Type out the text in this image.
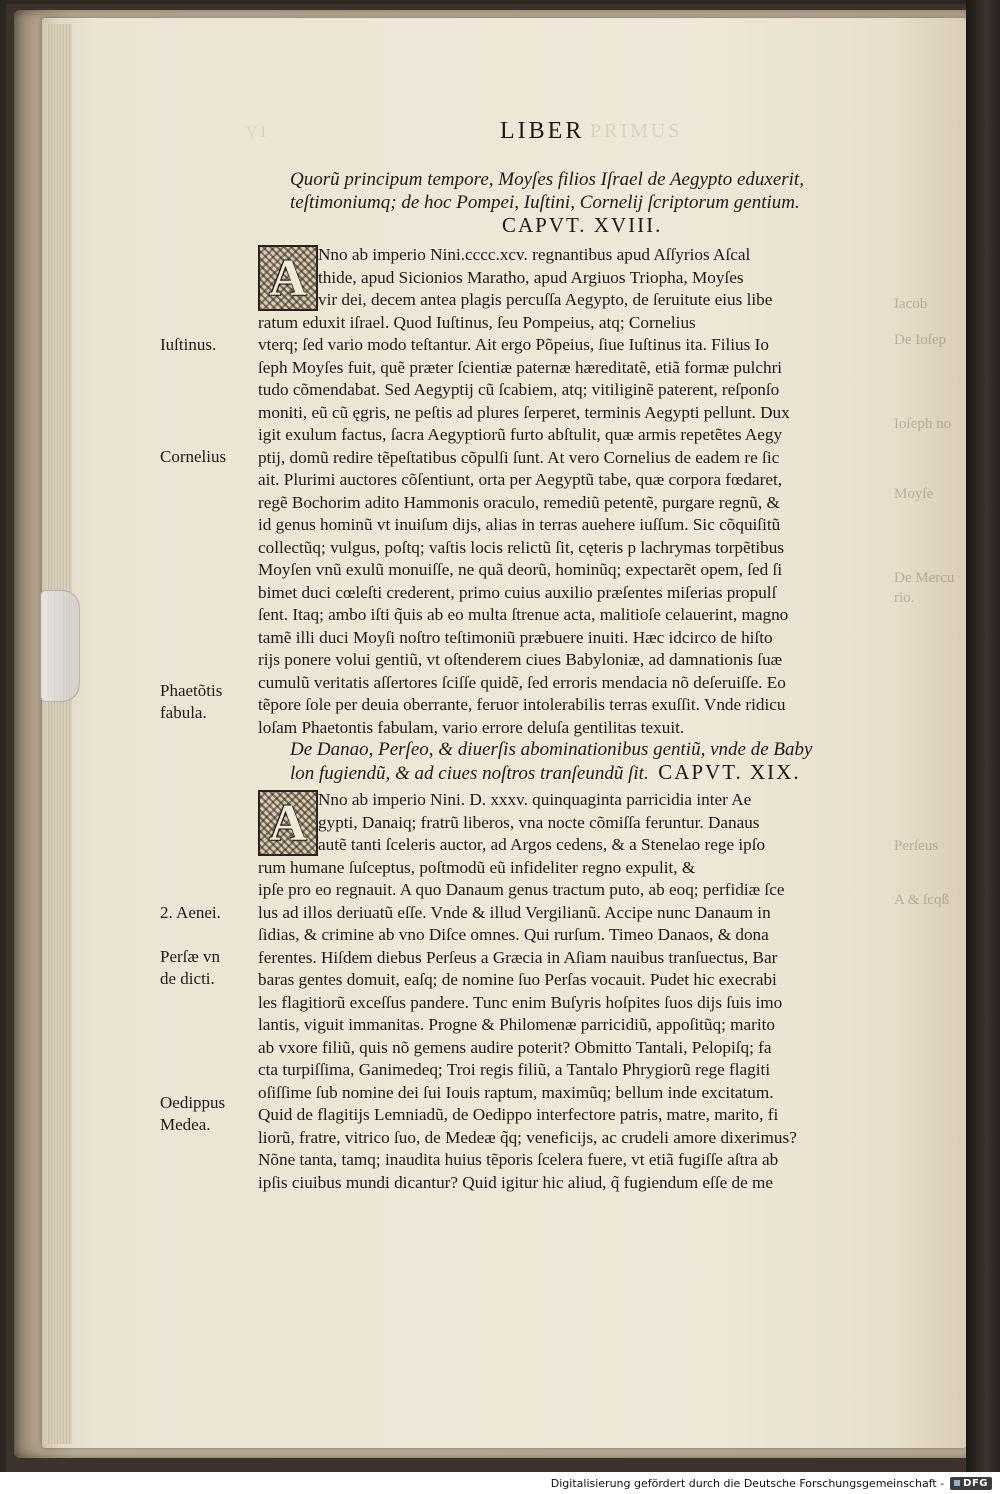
PRIMUS
VI
Iacob
De Ioſep
Ioſeph no
Moyſe
De Mercu
rio.
Perſeus
A & ſcqß
LIBER

Quorũ principum tempore, Moyſes filios Iſrael de Aegypto eduxerit,

teſtimoniumq; de hoc Pompei, Iuſtini, Cornelij ſcriptorum gentium.

CAPVT. XVIII.

A Nno ab imperio Nini.cccc.xcv. regnantibus apud Aſſyrios Aſcal
thide, apud Sicionios Maratho, apud Argiuos Triopha, Moyſes
vir dei, decem antea plagis percuſſa Aegypto, de ſeruitute eius libe
ratum eduxit iſrael. Quod Iuſtinus, ſeu Pompeius, atq; Cornelius
vterq; ſed vario modo teſtantur. Ait ergo Põpeius, ſiue Iuſtinus ita. Filius Io
ſeph Moyſes fuit, quẽ præter ſcientiæ paternæ hæreditatẽ, etiã formæ pulchri
tudo cõmendabat. Sed Aegyptij cũ ſcabiem, atq; vitiliginẽ paterent, reſponſo
moniti, eũ cũ ęgris, ne peſtis ad plures ſerperet, terminis Aegypti pellunt. Dux
igit exulum factus, ſacra Aegyptiorũ furto abſtulit, quæ armis repetẽtes Aegy
ptij, domũ redire tẽpeſtatibus cõpulſi ſunt. At vero Cornelius de eadem re ſic
ait. Plurimi auctores cõſentiunt, orta per Aegyptũ tabe, quæ corpora fœdaret,
regẽ Bochorim adito Hammonis oraculo, remediũ petentẽ, purgare regnũ, &
id genus hominũ vt inuiſum dijs, alias in terras auehere iuſſum. Sic cõquiſitũ
collectũq; vulgus, poſtq; vaſtis locis relictũ ſit, cęteris p lachrymas torpẽtibus
Moyſen vnũ exulũ monuiſſe, ne quã deorũ, hominũq; expectarẽt opem, ſed ſi
bimet duci cœleſti crederent, primo cuius auxilio præſentes miſerias propulſ
ſent. Itaq; ambo iſti q̃uis ab eo multa ſtrenue acta, malitioſe celauerint, magno
tamẽ illi duci Moyſi noſtro teſtimoniũ præbuere inuiti. Hæc idcirco de hiſto
rijs ponere volui gentiũ, vt oſtenderem ciues Babyloniæ, ad damnationis ſuæ
cumulũ veritatis aſſertores ſciſſe quidẽ, ſed erroris mendacia nõ deſeruiſſe. Eo
tẽpore ſole per deuia oberrante, feruor intolerabilis terras exuſſit. Vnde ridicu
loſam Phaetontis fabulam, vario errore deluſa gentilitas texuit.

De Danao, Perſeo, & diuerſis abominationibus gentiũ, vnde de Baby

lon fugiendũ, & ad ciues noſtros tranſeundũ ſit. CAPVT. XIX.

A Nno ab imperio Nini. D. xxxv. quinquaginta parricidia inter Ae
gypti, Danaiq; fratrũ liberos, vna nocte cõmiſſa feruntur. Danaus
autẽ tanti ſceleris auctor, ad Argos cedens, & a Stenelao rege ipſo
rum humane ſuſceptus, poſtmodũ eũ infideliter regno expulit, &
ipſe pro eo regnauit. A quo Danaum genus tractum puto, ab eoq; perfidiæ ſce
lus ad illos deriuatũ eſſe. Vnde & illud Vergilianũ. Accipe nunc Danaum in
ſidias, & crimine ab vno Diſce omnes. Qui rurſum. Timeo Danaos, & dona
ferentes. Hiſdem diebus Perſeus a Græcia in Aſiam nauibus tranſuectus, Bar
baras gentes domuit, eaſq; de nomine ſuo Perſas vocauit. Pudet hic execrabi
les flagitiorũ exceſſus pandere. Tunc enim Buſyris hoſpites ſuos dijs ſuis imo
lantis, viguit immanitas. Progne & Philomenæ parricidiũ, appoſitũq; marito
ab vxore filiũ, quis nõ gemens audire poterit? Obmitto Tantali, Pelopiſq; fa
cta turpiſſima, Ganimedeq; Troi regis filiũ, a Tantalo Phrygiorũ rege flagiti
oſiſſime ſub nomine dei ſui Iouis raptum, maximũq; bellum inde excitatum.
Quid de flagitijs Lemniadũ, de Oedippo interfectore patris, matre, marito, fi
liorũ, fratre, vitrico ſuo, de Medeæ q̃q; veneficijs, ac crudeli amore dixerimus?
Nõne tanta, tamq; inaudita huius tẽporis ſcelera fuere, vt etiã fugiſſe aſtra ab
ipſis ciuibus mundi dicantur? Quid igitur hic aliud, q̃ fugiendum eſſe de me
Iuſtinus.
Cornelius
Phaetõtis
fabula.
2. Aenei.
Perſæ vn
de dicti.
Oedippus
Medea.
Digitalisierung gefördert durch die Deutsche Forschungsgemeinschaft -	DFG
